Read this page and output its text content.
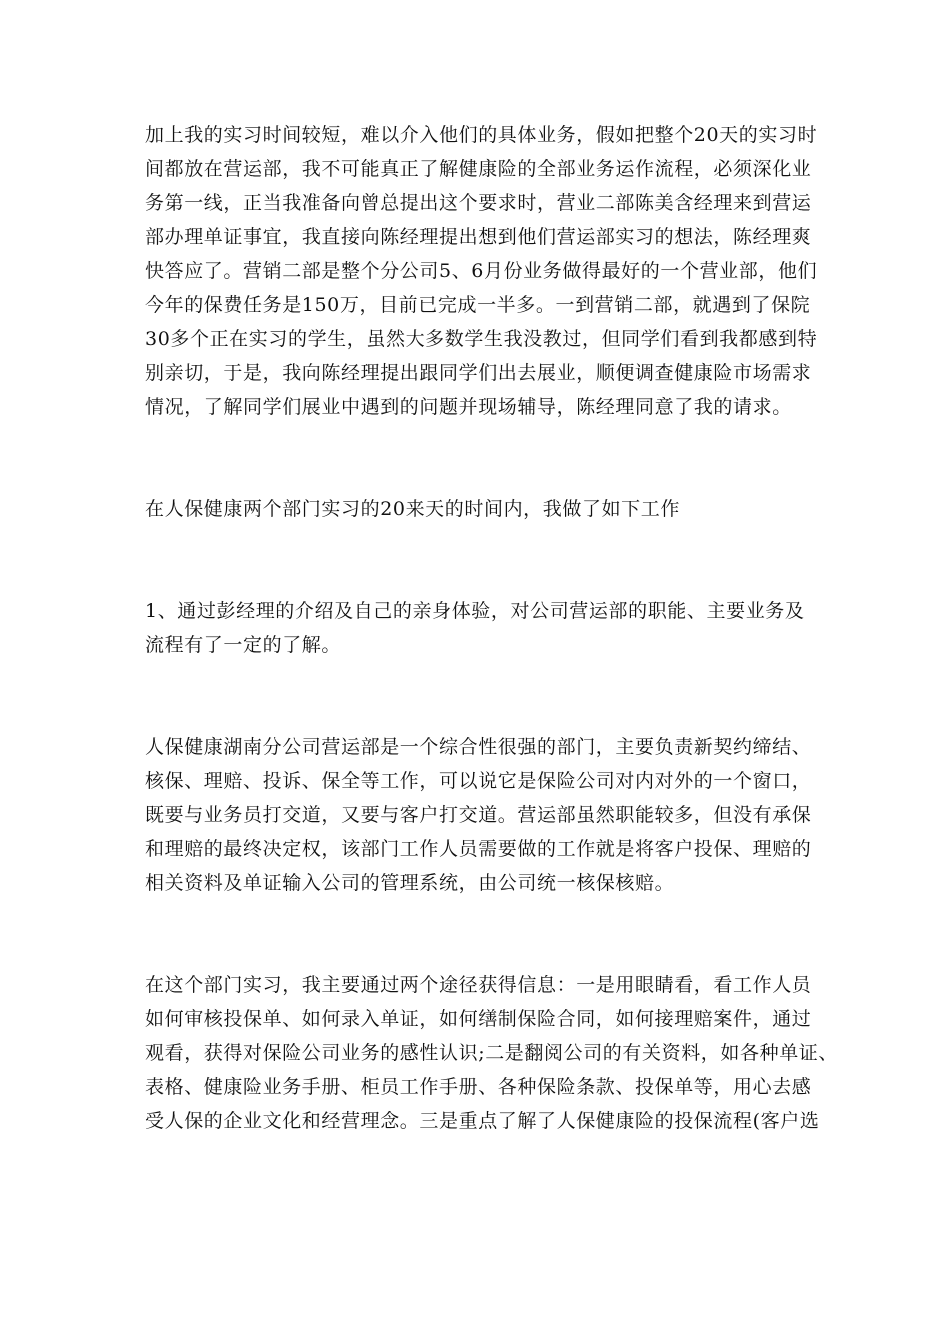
加上我的实习时间较短，难以介入他们的具体业务，假如把整个20天的实习时
间都放在营运部，我不可能真正了解健康险的全部业务运作流程，必须深化业
务第一线，正当我准备向曾总提出这个要求时，营业二部陈美含经理来到营运
部办理单证事宜，我直接向陈经理提出想到他们营运部实习的想法，陈经理爽
快答应了。营销二部是整个分公司5、6月份业务做得最好的一个营业部，他们
今年的保费任务是150万，目前已完成一半多。一到营销二部，就遇到了保院
30多个正在实习的学生，虽然大多数学生我没教过，但同学们看到我都感到特
别亲切，于是，我向陈经理提出跟同学们出去展业，顺便调查健康险市场需求
情况，了解同学们展业中遇到的问题并现场辅导，陈经理同意了我的请求。
在人保健康两个部门实习的20来天的时间内，我做了如下工作
1、通过彭经理的介绍及自己的亲身体验，对公司营运部的职能、主要业务及
流程有了一定的了解。
人保健康湖南分公司营运部是一个综合性很强的部门，主要负责新契约缔结、
核保、理赔、投诉、保全等工作，可以说它是保险公司对内对外的一个窗口，
既要与业务员打交道，又要与客户打交道。营运部虽然职能较多，但没有承保
和理赔的最终决定权，该部门工作人员需要做的工作就是将客户投保、理赔的
相关资料及单证输入公司的管理系统，由公司统一核保核赔。
在这个部门实习，我主要通过两个途径获得信息：一是用眼睛看，看工作人员
如何审核投保单、如何录入单证，如何缮制保险合同，如何接理赔案件，通过
观看，获得对保险公司业务的感性认识;二是翻阅公司的有关资料，如各种单证、
表格、健康险业务手册、柜员工作手册、各种保险条款、投保单等，用心去感
受人保的企业文化和经营理念。三是重点了解了人保健康险的投保流程(客户选
